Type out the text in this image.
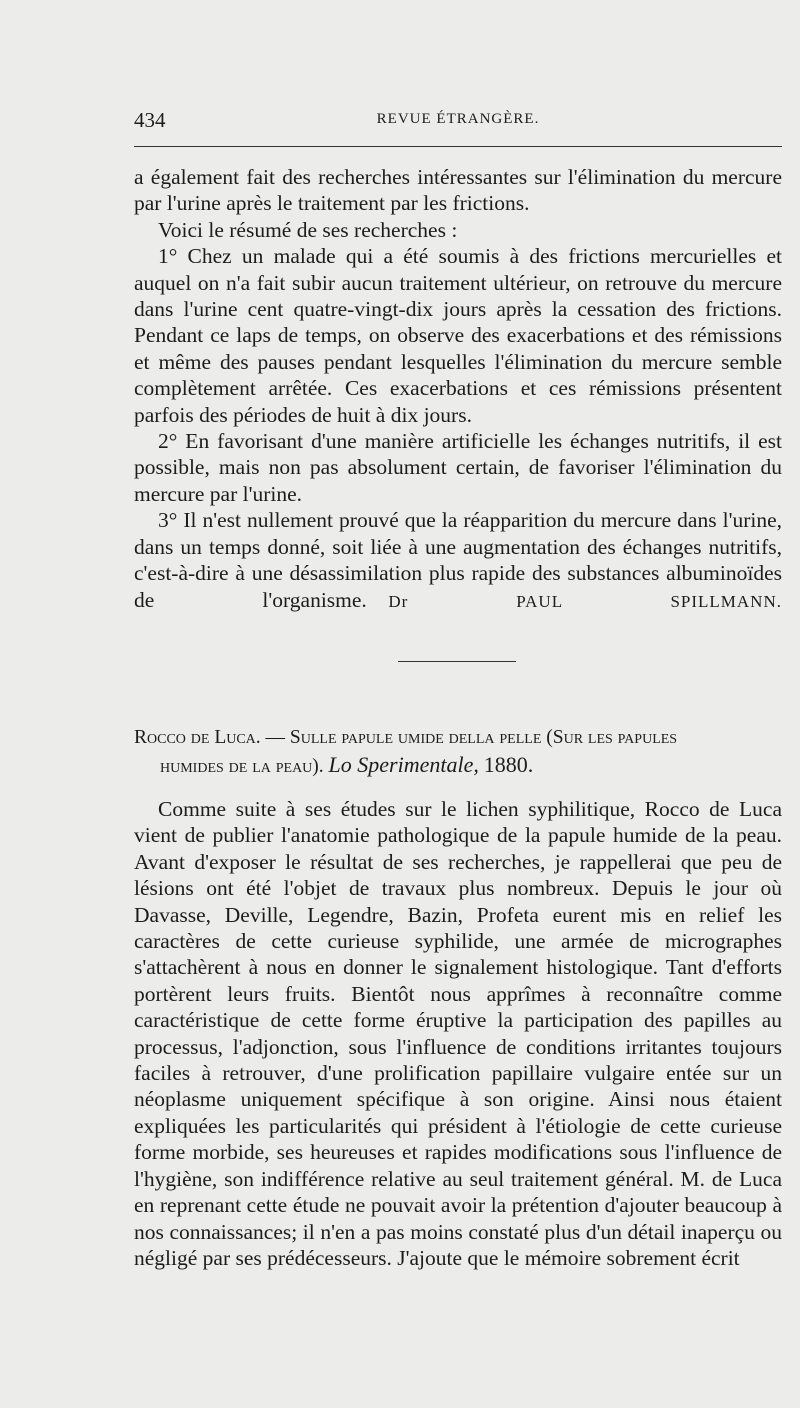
434	REVUE ÉTRANGÈRE.

a également fait des recherches intéressantes sur l'élimination du mercure par l'urine après le traitement par les frictions.

Voici le résumé de ses recherches :

1° Chez un malade qui a été soumis à des frictions mercurielles et auquel on n'a fait subir aucun traitement ultérieur, on retrouve du mercure dans l'urine cent quatre-vingt-dix jours après la cessation des frictions. Pendant ce laps de temps, on observe des exacerbations et des rémissions et même des pauses pendant lesquelles l'élimination du mercure semble complètement arrêtée. Ces exacerbations et ces rémissions présentent parfois des périodes de huit à dix jours.

2° En favorisant d'une manière artificielle les échanges nutritifs, il est possible, mais non pas absolument certain, de favoriser l'élimination du mercure par l'urine.

3° Il n'est nullement prouvé que la réapparition du mercure dans l'urine, dans un temps donné, soit liée à une augmentation des échanges nutritifs, c'est-à-dire à une désassimilation plus rapide des substances albuminoïdes de l'organisme.  Dr PAUL SPILLMANN.

Rocco de Luca. — Sulle papule umide della pelle (Sur les papules

humides de la peau). Lo Sperimentale, 1880.

Comme suite à ses études sur le lichen syphilitique, Rocco de Luca vient de publier l'anatomie pathologique de la papule humide de la peau. Avant d'exposer le résultat de ses recherches, je rappellerai que peu de lésions ont été l'objet de travaux plus nombreux. Depuis le jour où Davasse, Deville, Legendre, Bazin, Profeta eurent mis en relief les caractères de cette curieuse syphilide, une armée de micrographes s'attachèrent à nous en donner le signalement histologique. Tant d'efforts portèrent leurs fruits. Bientôt nous apprîmes à reconnaître comme caractéristique de cette forme éruptive la participation des papilles au processus, l'adjonction, sous l'influence de conditions irritantes toujours faciles à retrouver, d'une prolification papillaire vulgaire entée sur un néoplasme uniquement spécifique à son origine. Ainsi nous étaient expliquées les particularités qui président à l'étiologie de cette curieuse forme morbide, ses heureuses et rapides modifications sous l'influence de l'hygiène, son indifférence relative au seul traitement général. M. de Luca en reprenant cette étude ne pouvait avoir la prétention d'ajouter beaucoup à nos connaissances; il n'en a pas moins constaté plus d'un détail inaperçu ou négligé par ses prédécesseurs. J'ajoute que le mémoire sobrement écrit
